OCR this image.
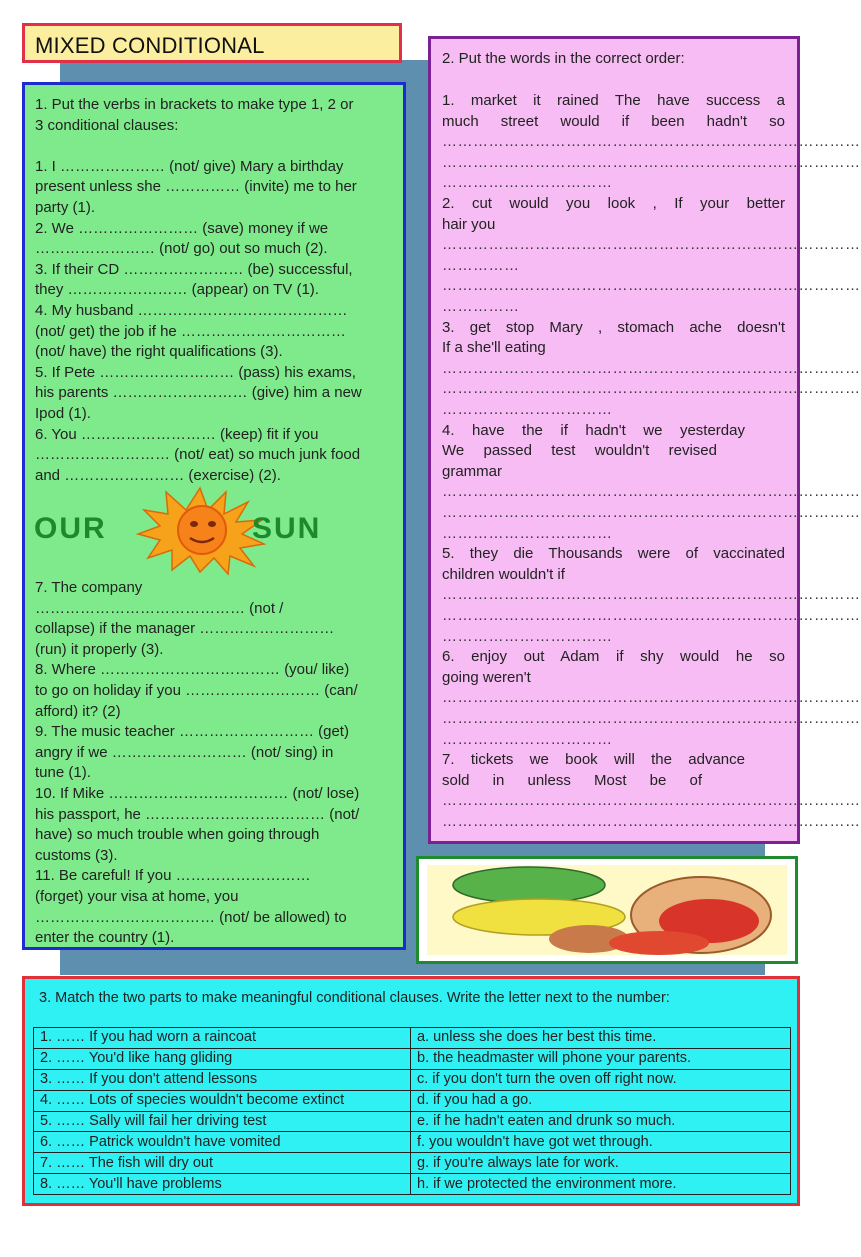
MIXED CONDITIONAL
1. Put the verbs in brackets to make type 1, 2 or
3 conditional clauses:
1. I ………………… (not/ give) Mary a birthday
present unless she …………… (invite) me to her
party (1).
2. We …………………… (save) money if we
…………………… (not/ go) out so much (2).
3. If their CD …………………… (be) successful,
they …………………… (appear) on TV (1).
4. My husband ……………………………………
(not/ get) the job if he ……………………………
(not/ have) the right qualifications (3).
5. If Pete ……………………… (pass) his exams,
his parents ……………………… (give) him a new
Ipod (1).
6. You ……………………… (keep) fit if you
……………………… (not/ eat) so much junk food
and …………………… (exercise) (2).
7. The company
…………………………………… (not /
collapse) if the manager ………………………
(run) it properly (3).
8. Where ……………………………… (you/ like)
to go on holiday if you ……………………… (can/
afford) it? (2)
9. The music teacher ……………………… (get)
angry if we ……………………… (not/ sing) in
tune (1).
10. If Mike ……………………………… (not/ lose)
his passport, he ……………………………… (not/
have) so much trouble when going through
customs (3).
11. Be careful! If you ………………………
(forget) your visa at home, you
……………………………… (not/ be allowed) to
enter the country (1).
OUR	SUN
2. Put the words in the correct order:
1. market it rained The have success a
much street would if been hadn't so
………………………………………………………………………
………………………………………………………………………
……………………………
2. cut would you look , If your better
hair you
………………………………………………………………………
……………
………………………………………………………………………
……………
3. get stop Mary , stomach ache doesn't
If a she'll eating
………………………………………………………………………
………………………………………………………………………
……………………………
4. have the if hadn't we yesterday
We passed test wouldn't revised
grammar
………………………………………………………………………
………………………………………………………………………
……………………………
5. they die Thousands were of vaccinated
children wouldn't if
………………………………………………………………………
………………………………………………………………………
……………………………
6. enjoy out Adam if shy would he so
going weren't
………………………………………………………………………
………………………………………………………………………
……………………………
7. tickets we book will the advance
sold in unless Most be of
………………………………………………………………………
………………………………………………………………………
3. Match the two parts to make meaningful conditional clauses. Write the letter next to the number:
1. …… If you had worn a raincoat	a. unless she does her best this time.
2. …… You'd like hang gliding	b. the headmaster will phone your parents.
3. …… If you don't attend lessons	c. if you don't turn the oven off right now.
4. …… Lots of species wouldn't become extinct	d. if you had a go.
5. …… Sally will fail her driving test	e. if he hadn't eaten and drunk so much.
6. …… Patrick wouldn't have vomited	f. you wouldn't have got wet through.
7. …… The fish will dry out	g. if you're always late for work.
8. …… You'll have problems	h. if we protected the environment more.
